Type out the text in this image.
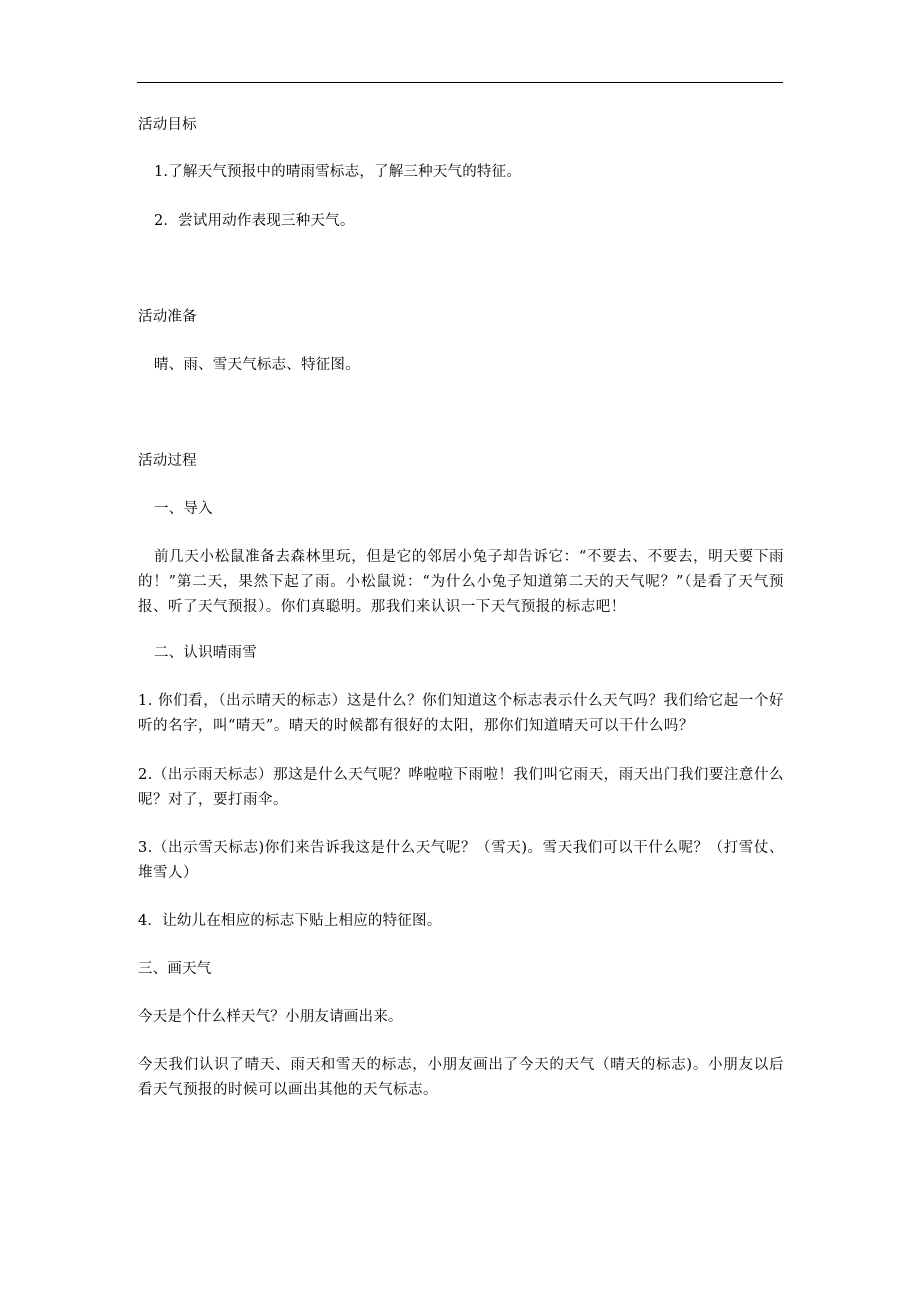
活动目标
1.了解天气预报中的晴雨雪标志，了解三种天气的特征。
2．尝试用动作表现三种天气。
活动准备
晴、雨、雪天气标志、特征图。
活动过程
一、导入
前几天小松鼠准备去森林里玩，但是它的邻居小兔子却告诉它：“不要去、不要去，明天要下雨的！”第二天，果然下起了雨。小松鼠说：“为什么小兔子知道第二天的天气呢？”（是看了天气预报、听了天气预报）。你们真聪明。那我们来认识一下天气预报的标志吧！
二、认识晴雨雪
1. 你们看，（出示晴天的标志）这是什么？你们知道这个标志表示什么天气吗？我们给它起一个好听的名字，叫“晴天”。晴天的时候都有很好的太阳，那你们知道晴天可以干什么吗？
2.（出示雨天标志）那这是什么天气呢？哗啦啦下雨啦！我们叫它雨天，雨天出门我们要注意什么呢？对了，要打雨伞。
3.（出示雪天标志)你们来告诉我这是什么天气呢？（雪天)。雪天我们可以干什么呢？（打雪仗、堆雪人）
4．让幼儿在相应的标志下贴上相应的特征图。
三、画天气
今天是个什么样天气？小朋友请画出来。
今天我们认识了晴天、雨天和雪天的标志，小朋友画出了今天的天气（晴天的标志)。小朋友以后看天气预报的时候可以画出其他的天气标志。
